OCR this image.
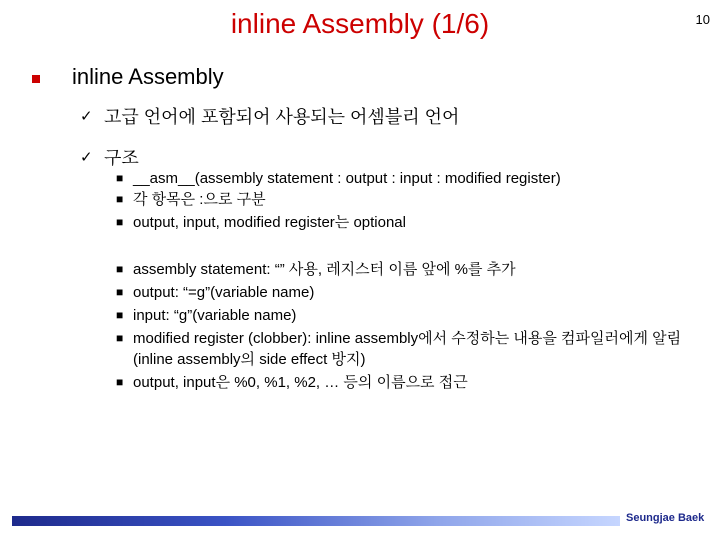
inline Assembly (1/6)	10
inline Assembly
✓ 고급 언어에 포함되어 사용되는 어셈블리 언어
✓ 구조
■ __asm__(assembly statement : output : input : modified register)
■ 각 항목은 :으로 구분
■ output, input, modified register는 optional
■ assembly statement: “” 사용, 레지스터 이름 앞에 %를 추가
■ output: “=g”(variable name)
■ input: “g”(variable name)
■ modified register (clobber): inline assembly에서 수정하는 내용을 컴파일러에게 알림 (inline assembly의 side effect 방지)
■ output, input은 %0, %1, %2, … 등의 이름으로 접근
Seungjae Baek
